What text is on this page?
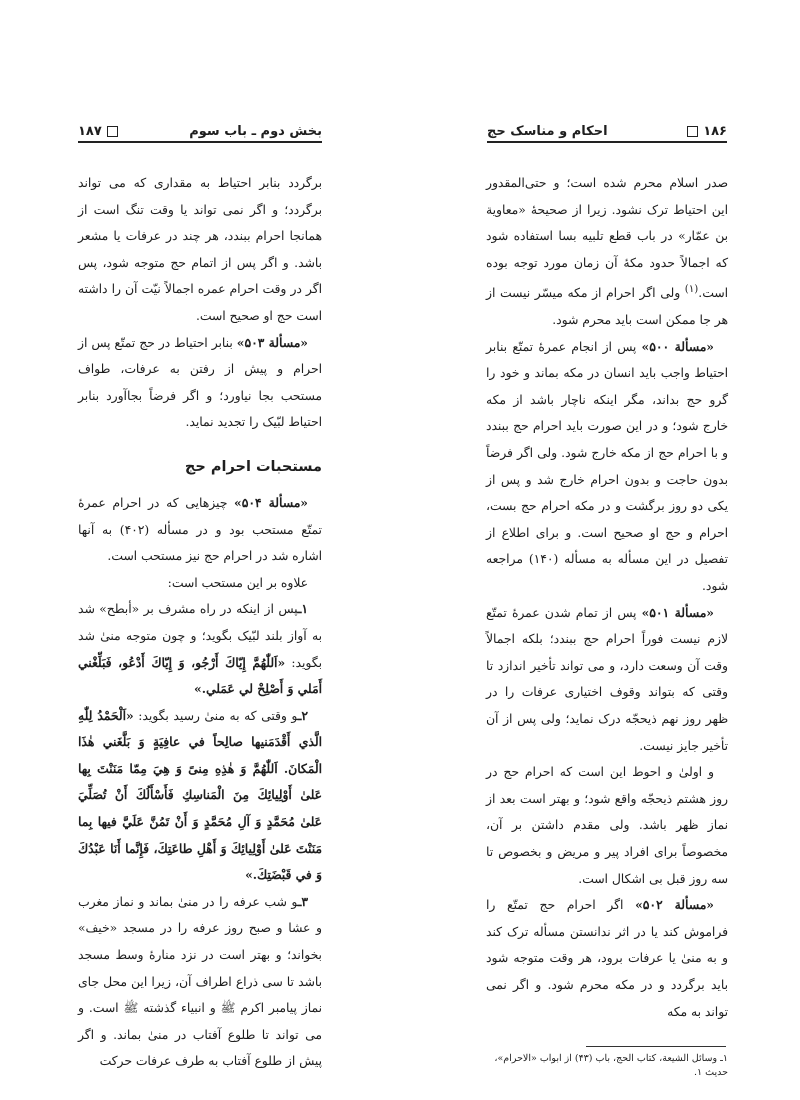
بخش دوم ـ باب سوم
۱۸۷

برگردد بنابر احتیاط به مقداری که می تواند برگردد؛ و اگر نمی تواند یا وقت تنگ است از همانجا احرام ببندد، هر چند در عرفات یا مشعر باشد. و اگر پس از اتمام حج متوجه شود، پس اگر در وقت احرام عمره اجمالاً نیّت آن را داشته است حج او صحیح است.

«مسألة ۵۰۳» بنابر احتیاط در حج تمتّع پس از احرام و پیش از رفتن به عرفات، طواف مستحب بجا نیاورد؛ و اگر فرضاً بجاآورد بنابر احتیاط لبّیک را تجدید نماید.

مستحبات احرام حج

«مسألة ۵۰۴» چیزهایی که در احرام عمرهٔ تمتّع مستحب بود و در مسأله (۴۰۲) به آنها اشاره شد در احرام حج نیز مستحب است.

علاوه بر این مستحب است:

۱ـپس از اینکه در راه مشرف بر «أبطح» شد به آواز بلند لبّیک بگوید؛ و چون متوجه منیٰ شد بگوید: «اَللّٰهُمَّ إِيّاكَ أَرْجُو، وَ إِيّاكَ أَدْعُو، فَبَلِّغْني أَمَلي وَ أَصْلِحْ لي عَمَلي.»

۲ـو وقتی که به منیٰ رسید بگوید: «اَلْحَمْدُ لِلّٰهِ الَّذي أَقْدَمَنيها صالِحاً في عافِيَةٍ وَ بَلَّغَني هٰذَا الْمَكانَ. اَللّٰهُمَّ وَ هٰذِهِ مِنىً وَ هِيَ مِمّا مَنَنْتَ بِها عَلىٰ أَوْلِيائِكَ مِنَ الْمَناسِكِ فَأَسْأَلُكَ أَنْ تُصَلِّيَ عَلىٰ مُحَمَّدٍ وَ آلِ مُحَمَّدٍ وَ أَنْ تَمُنَّ عَلَيَّ فيها بِما مَنَنْتَ عَلىٰ أَوْلِيائِكَ وَ أَهْلِ طاعَتِكَ، فَإِنَّما أَنَا عَبْدُكَ وَ في قَبْضَتِكَ.»

۳ـو شب عرفه را در منیٰ بماند و نماز مغرب و عشا و صبح روز عرفه را در مسجد «خیف» بخواند؛ و بهتر است در نزد منارهٔ وسط مسجد باشد تا سی ذراع اطراف آن، زیرا این محل جای نماز پیامبر اکرم ﷺ و انبیاء گذشته ﷺ است. و می تواند تا طلوع آفتاب در منیٰ بماند. و اگر پیش از طلوع آفتاب به طرف عرفات حرکت

۱۸۶
احکام و مناسک حج

صدر اسلام محرم شده است؛ و حتی‌المقدور این احتیاط ترک نشود. زیرا از صحیحهٔ «معاویة بن عمّار» در باب قطع تلبیه بسا استفاده شود که اجمالاً حدود مکهٔ آن زمان مورد توجه بوده است.$^{(۱)}$ ولی اگر احرام از مکه میسّر نیست از هر جا ممکن است باید محرم شود.

«مسألة ۵۰۰» پس از انجام عمرهٔ تمتّع بنابر احتیاط واجب باید انسان در مکه بماند و خود را گرو حج بداند، مگر اینکه ناچار باشد از مکه خارج شود؛ و در این صورت باید احرام حج ببندد و با احرام حج از مکه خارج شود. ولی اگر فرضاً بدون حاجت و بدون احرام خارج شد و پس از یکی دو روز برگشت و در مکه احرام حج بست، احرام و حج او صحیح است. و برای اطلاع از تفصیل در این مسأله به مسأله (۱۴۰) مراجعه شود.

«مسألة ۵۰۱» پس از تمام شدن عمرهٔ تمتّع لازم نیست فوراً احرام حج ببندد؛ بلکه اجمالاً وقت آن وسعت دارد، و می تواند تأخیر اندازد تا وقتی که بتواند وقوف اختیاری عرفات را در ظهر روز نهم ذیحجّه درک نماید؛ ولی پس از آن تأخیر جایز نیست.

و اولیٰ و احوط این است که احرام حج در روز هشتم ذیحجّه واقع شود؛ و بهتر است بعد از نماز ظهر باشد. ولی مقدم داشتن بر آن، مخصوصاً برای افراد پیر و مریض و بخصوص تا سه روز قبل بی اشکال است.

«مسألة ۵۰۲» اگر احرام حج تمتّع را فراموش کند یا در اثر ندانستن مسأله ترک کند و به منیٰ یا عرفات برود، هر وقت متوجه شود باید برگردد و در مکه محرم شود. و اگر نمی تواند به مکه

۱ـ وسائل الشیعة، کتاب الحج، باب (۴۳) از ابواب «الاحرام»، حدیث ۱.
